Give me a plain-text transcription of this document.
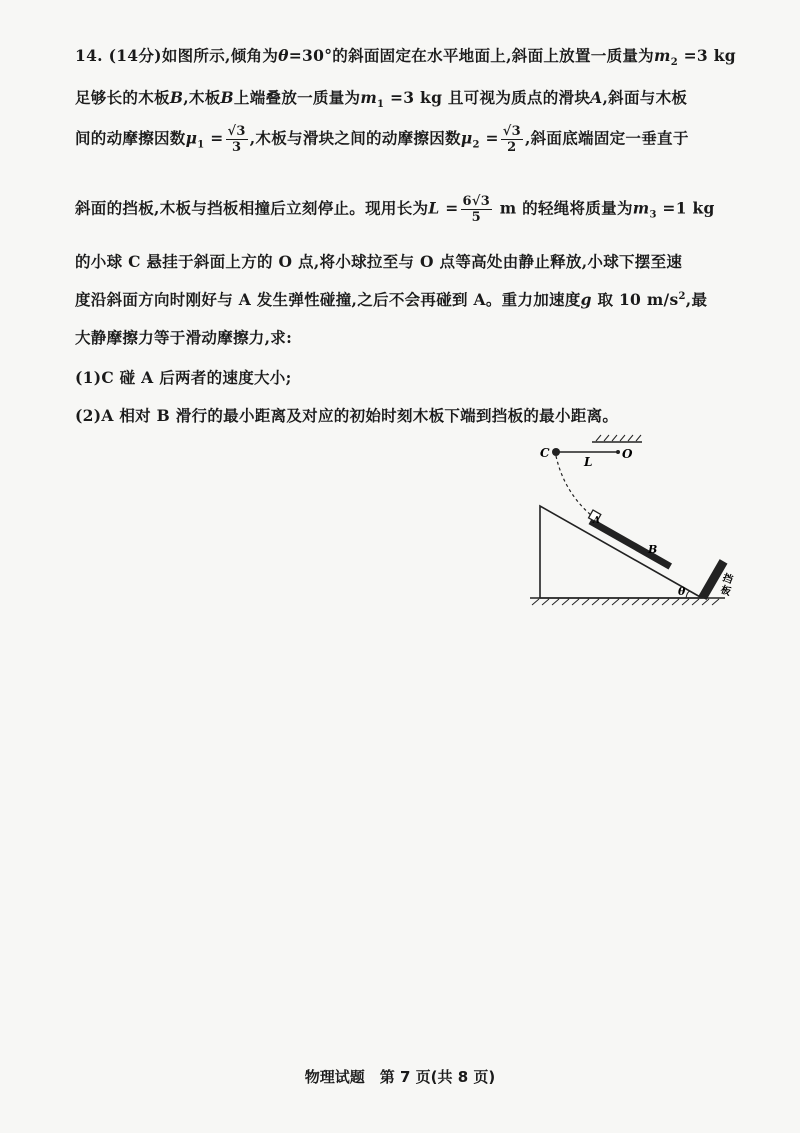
14. (14分)如图所示,倾角为θ=30°的斜面固定在水平地面上,斜面上放置一质量为$m_2 =3$ kg
足够长的木板B,木板B上端叠放一质量为$m_1 =3$ kg 且可视为质点的滑块A,斜面与木板
间的动摩擦因数$\mu_1 = \frac{√3}{3}$ ,木板与滑块之间的动摩擦因数$\mu_2 = \frac{√3}{2}$ ,斜面底端固定一垂直于
斜面的挡板,木板与挡板相撞后立刻停止。现用长为$L = \frac{6√3}{5}$ m 的轻绳将质量为$m_3 =1$ kg
的小球 C 悬挂于斜面上方的 O 点,将小球拉至与 O 点等高处由静止释放,小球下摆至速
度沿斜面方向时刚好与 A 发生弹性碰撞,之后不会再碰到 A。重力加速度g 取 10 $m/s^2$,最
大静摩擦力等于滑动摩擦力,求:
(1)C 碰 A 后两者的速度大小;
(2)A 相对 B 滑行的最小距离及对应的初始时刻木板下端到挡板的最小距离。
C
L
O
A
B
θ
挡
板
物理试题　第 7 页(共 8 页)
